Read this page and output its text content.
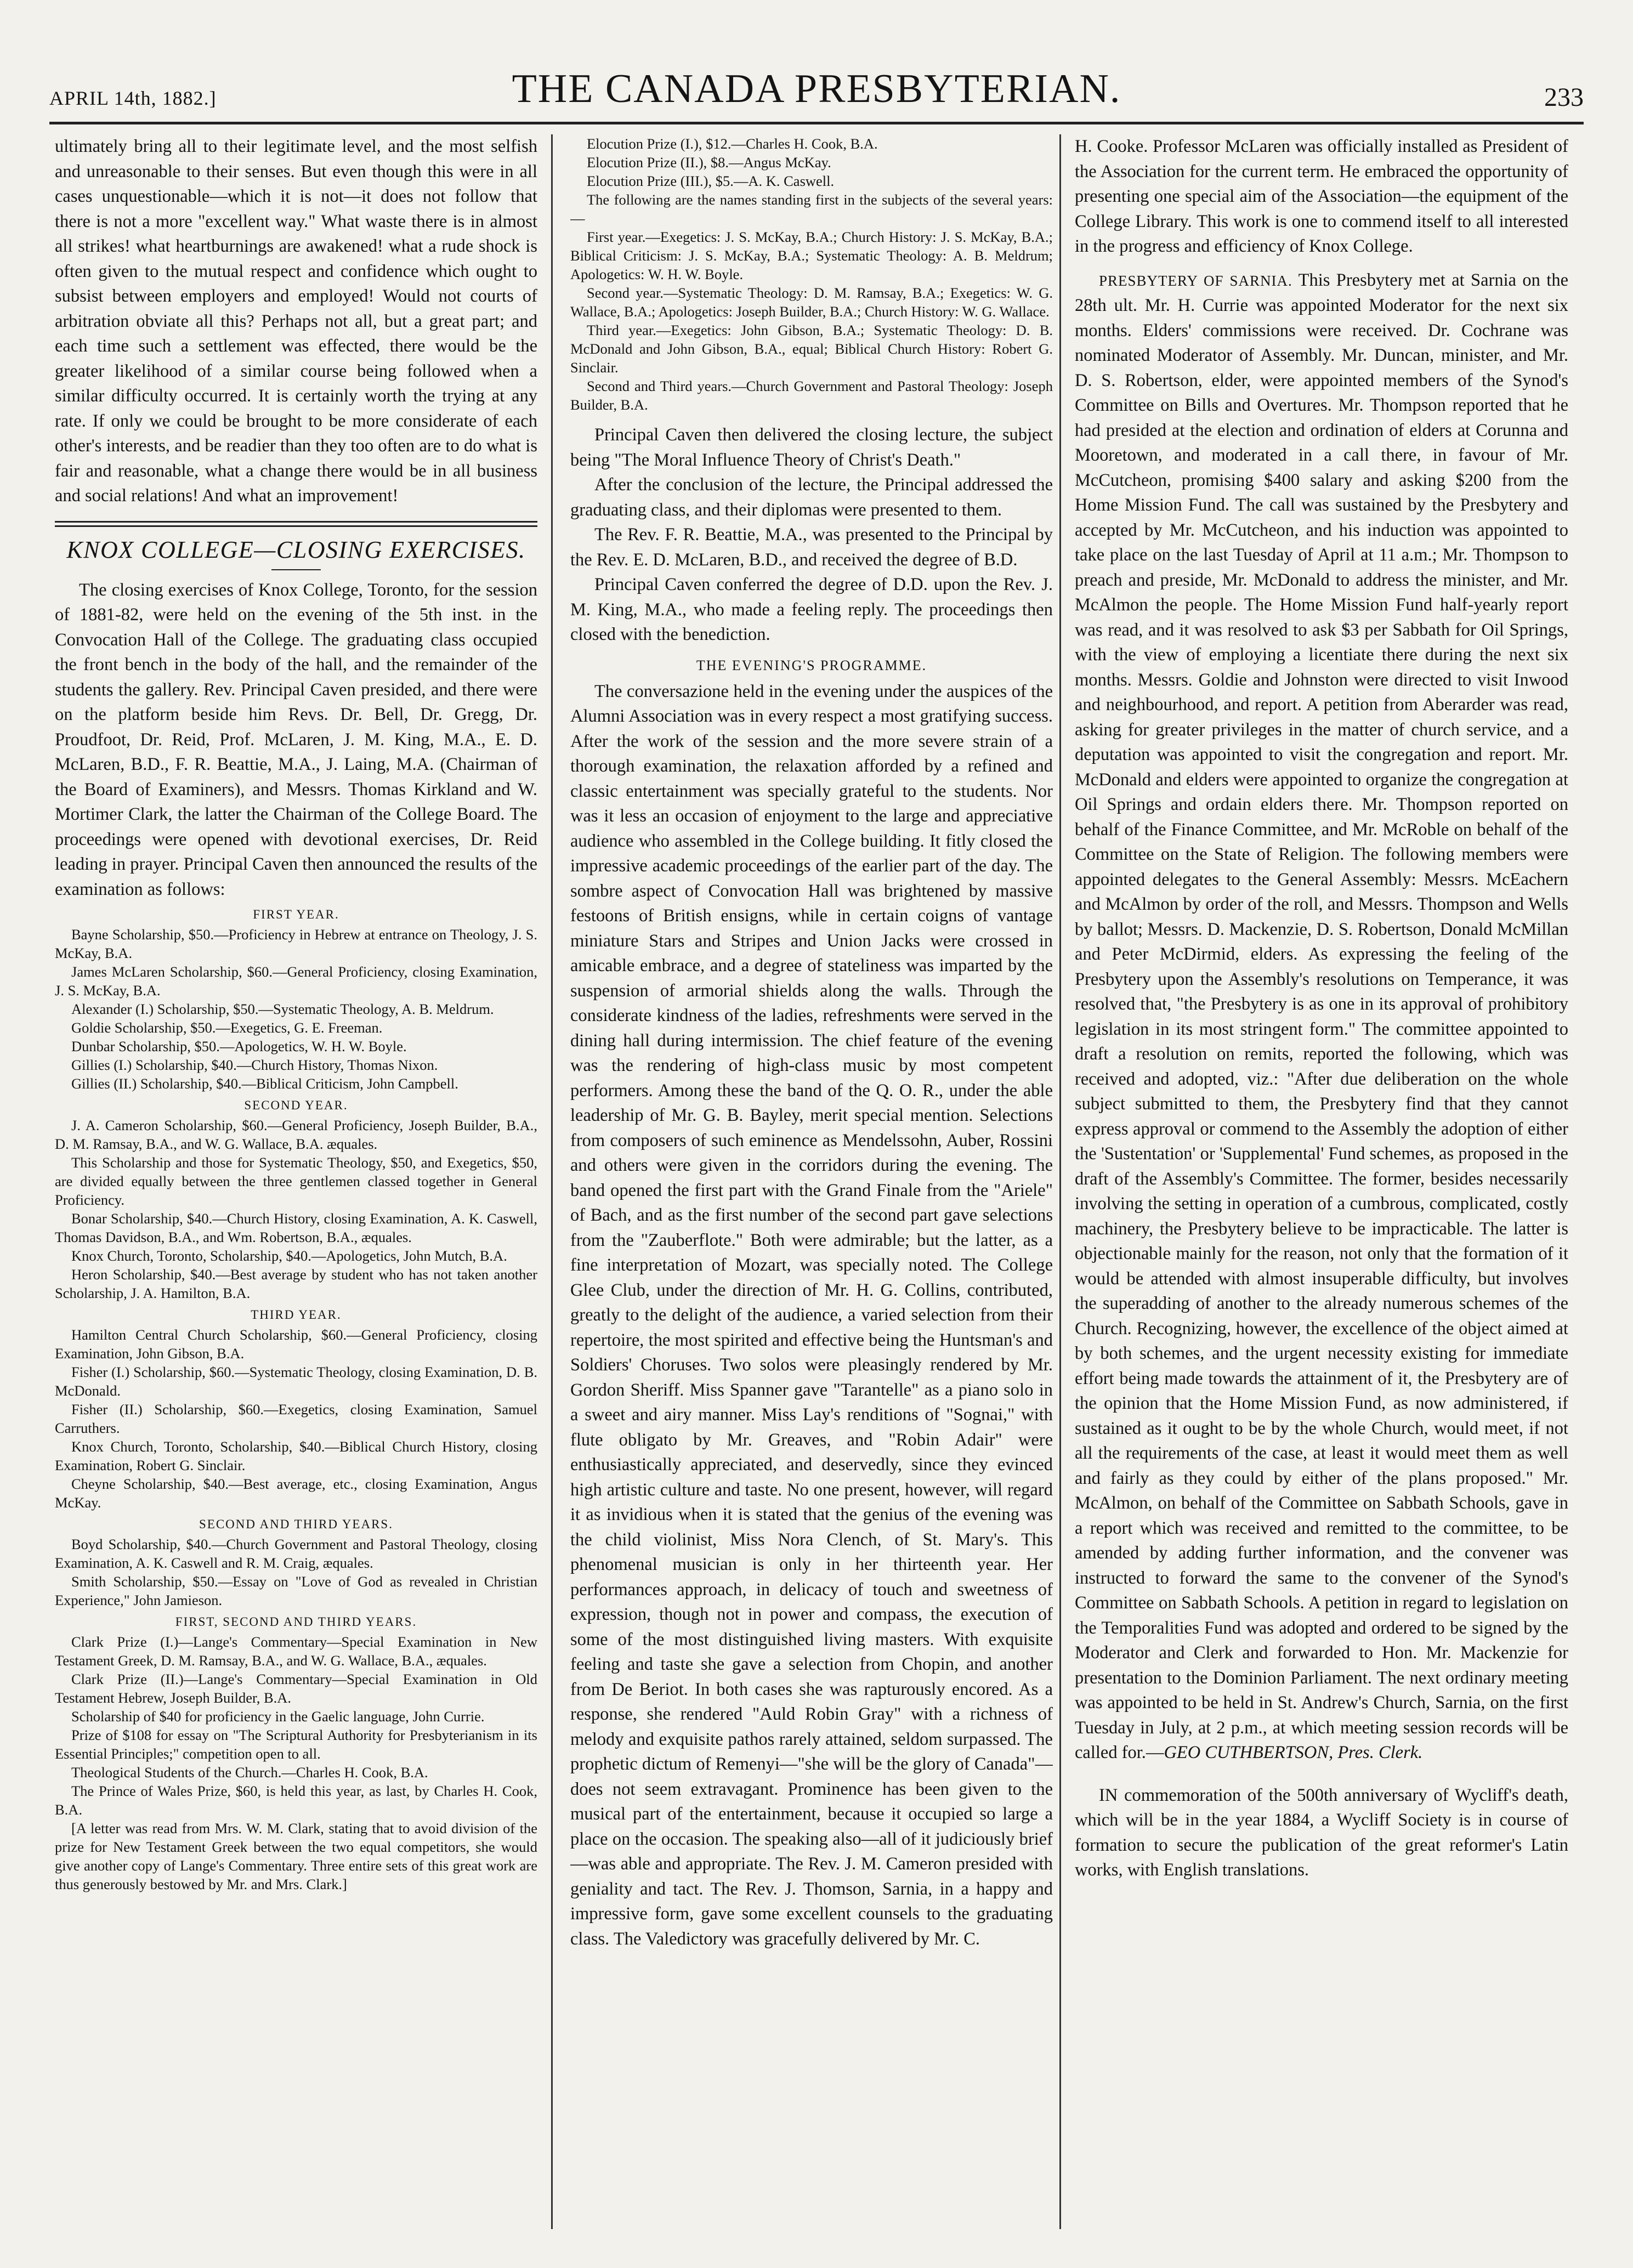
APRIL 14th, 1882.]	THE CANADA PRESBYTERIAN.	233

ultimately bring all to their legitimate level, and the most selfish and unreasonable to their senses. But even though this were in all cases unquestionable—which it is not—it does not follow that there is not a more "excellent way." What waste there is in almost all strikes! what heartburnings are awakened! what a rude shock is often given to the mutual respect and confidence which ought to subsist between employers and employed! Would not courts of arbitration obviate all this? Perhaps not all, but a great part; and each time such a settlement was effected, there would be the greater likelihood of a similar course being followed when a similar difficulty occurred. It is certainly worth the trying at any rate. If only we could be brought to be more considerate of each other's interests, and be readier than they too often are to do what is fair and reasonable, what a change there would be in all business and social relations! And what an improvement!

KNOX COLLEGE—CLOSING EXERCISES.

The closing exercises of Knox College, Toronto, for the session of 1881-82, were held on the evening of the 5th inst. in the Convocation Hall of the College. The graduating class occupied the front bench in the body of the hall, and the remainder of the students the gallery. Rev. Principal Caven presided, and there were on the platform beside him Revs. Dr. Bell, Dr. Gregg, Dr. Proudfoot, Dr. Reid, Prof. McLaren, J. M. King, M.A., E. D. McLaren, B.D., F. R. Beattie, M.A., J. Laing, M.A. (Chairman of the Board of Examiners), and Messrs. Thomas Kirkland and W. Mortimer Clark, the latter the Chairman of the College Board. The proceedings were opened with devotional exercises, Dr. Reid leading in prayer. Principal Caven then announced the results of the examination as follows:

FIRST YEAR.

Bayne Scholarship, $50.—Proficiency in Hebrew at entrance on Theology, J. S. McKay, B.A.

James McLaren Scholarship, $60.—General Proficiency, closing Examination, J. S. McKay, B.A.

Alexander (I.) Scholarship, $50.—Systematic Theology, A. B. Meldrum.

Goldie Scholarship, $50.—Exegetics, G. E. Freeman.

Dunbar Scholarship, $50.—Apologetics, W. H. W. Boyle.

Gillies (I.) Scholarship, $40.—Church History, Thomas Nixon.

Gillies (II.) Scholarship, $40.—Biblical Criticism, John Campbell.

SECOND YEAR.

J. A. Cameron Scholarship, $60.—General Proficiency, Joseph Builder, B.A., D. M. Ramsay, B.A., and W. G. Wallace, B.A. æquales.

This Scholarship and those for Systematic Theology, $50, and Exegetics, $50, are divided equally between the three gentlemen classed together in General Proficiency.

Bonar Scholarship, $40.—Church History, closing Examination, A. K. Caswell, Thomas Davidson, B.A., and Wm. Robertson, B.A., æquales.

Knox Church, Toronto, Scholarship, $40.—Apologetics, John Mutch, B.A.

Heron Scholarship, $40.—Best average by student who has not taken another Scholarship, J. A. Hamilton, B.A.

THIRD YEAR.

Hamilton Central Church Scholarship, $60.—General Proficiency, closing Examination, John Gibson, B.A.

Fisher (I.) Scholarship, $60.—Systematic Theology, closing Examination, D. B. McDonald.

Fisher (II.) Scholarship, $60.—Exegetics, closing Examination, Samuel Carruthers.

Knox Church, Toronto, Scholarship, $40.—Biblical Church History, closing Examination, Robert G. Sinclair.

Cheyne Scholarship, $40.—Best average, etc., closing Examination, Angus McKay.

SECOND AND THIRD YEARS.

Boyd Scholarship, $40.—Church Government and Pastoral Theology, closing Examination, A. K. Caswell and R. M. Craig, æquales.

Smith Scholarship, $50.—Essay on "Love of God as revealed in Christian Experience," John Jamieson.

FIRST, SECOND AND THIRD YEARS.

Clark Prize (I.)—Lange's Commentary—Special Examination in New Testament Greek, D. M. Ramsay, B.A., and W. G. Wallace, B.A., æquales.

Clark Prize (II.)—Lange's Commentary—Special Examination in Old Testament Hebrew, Joseph Builder, B.A.

Scholarship of $40 for proficiency in the Gaelic language, John Currie.

Prize of $108 for essay on "The Scriptural Authority for Presbyterianism in its Essential Principles;" competition open to all.

Theological Students of the Church.—Charles H. Cook, B.A.

The Prince of Wales Prize, $60, is held this year, as last, by Charles H. Cook, B.A.

[A letter was read from Mrs. W. M. Clark, stating that to avoid division of the prize for New Testament Greek between the two equal competitors, she would give another copy of Lange's Commentary. Three entire sets of this great work are thus generously bestowed by Mr. and Mrs. Clark.]

Elocution Prize (I.), $12.—Charles H. Cook, B.A.

Elocution Prize (II.), $8.—Angus McKay.

Elocution Prize (III.), $5.—A. K. Caswell.

The following are the names standing first in the subjects of the several years:—

First year.—Exegetics: J. S. McKay, B.A.; Church History: J. S. McKay, B.A.; Biblical Criticism: J. S. McKay, B.A.; Systematic Theology: A. B. Meldrum; Apologetics: W. H. W. Boyle.

Second year.—Systematic Theology: D. M. Ramsay, B.A.; Exegetics: W. G. Wallace, B.A.; Apologetics: Joseph Builder, B.A.; Church History: W. G. Wallace.

Third year.—Exegetics: John Gibson, B.A.; Systematic Theology: D. B. McDonald and John Gibson, B.A., equal; Biblical Church History: Robert G. Sinclair.

Second and Third years.—Church Government and Pastoral Theology: Joseph Builder, B.A.

Principal Caven then delivered the closing lecture, the subject being "The Moral Influence Theory of Christ's Death."

After the conclusion of the lecture, the Principal addressed the graduating class, and their diplomas were presented to them.

The Rev. F. R. Beattie, M.A., was presented to the Principal by the Rev. E. D. McLaren, B.D., and received the degree of B.D.

Principal Caven conferred the degree of D.D. upon the Rev. J. M. King, M.A., who made a feeling reply. The proceedings then closed with the benediction.

THE EVENING'S PROGRAMME.

The conversazione held in the evening under the auspices of the Alumni Association was in every respect a most gratifying success. After the work of the session and the more severe strain of a thorough examination, the relaxation afforded by a refined and classic entertainment was specially grateful to the students. Nor was it less an occasion of enjoyment to the large and appreciative audience who assembled in the College building. It fitly closed the impressive academic proceedings of the earlier part of the day. The sombre aspect of Convocation Hall was brightened by massive festoons of British ensigns, while in certain coigns of vantage miniature Stars and Stripes and Union Jacks were crossed in amicable embrace, and a degree of stateliness was imparted by the suspension of armorial shields along the walls. Through the considerate kindness of the ladies, refreshments were served in the dining hall during intermission. The chief feature of the evening was the rendering of high-class music by most competent performers. Among these the band of the Q. O. R., under the able leadership of Mr. G. B. Bayley, merit special mention. Selections from composers of such eminence as Mendelssohn, Auber, Rossini and others were given in the corridors during the evening. The band opened the first part with the Grand Finale from the "Ariele" of Bach, and as the first number of the second part gave selections from the "Zauberflote." Both were admirable; but the latter, as a fine interpretation of Mozart, was specially noted. The College Glee Club, under the direction of Mr. H. G. Collins, contributed, greatly to the delight of the audience, a varied selection from their repertoire, the most spirited and effective being the Huntsman's and Soldiers' Choruses. Two solos were pleasingly rendered by Mr. Gordon Sheriff. Miss Spanner gave "Tarantelle" as a piano solo in a sweet and airy manner. Miss Lay's renditions of "Sognai," with flute obligato by Mr. Greaves, and "Robin Adair" were enthusiastically appreciated, and deservedly, since they evinced high artistic culture and taste. No one present, however, will regard it as invidious when it is stated that the genius of the evening was the child violinist, Miss Nora Clench, of St. Mary's. This phenomenal musician is only in her thirteenth year. Her performances approach, in delicacy of touch and sweetness of expression, though not in power and compass, the execution of some of the most distinguished living masters. With exquisite feeling and taste she gave a selection from Chopin, and another from De Beriot. In both cases she was rapturously encored. As a response, she rendered "Auld Robin Gray" with a richness of melody and exquisite pathos rarely attained, seldom surpassed. The prophetic dictum of Remenyi—"she will be the glory of Canada"—does not seem extravagant. Prominence has been given to the musical part of the entertainment, because it occupied so large a place on the occasion. The speaking also—all of it judiciously brief—was able and appropriate. The Rev. J. M. Cameron presided with geniality and tact. The Rev. J. Thomson, Sarnia, in a happy and impressive form, gave some excellent counsels to the graduating class. The Valedictory was gracefully delivered by Mr. C.

H. Cooke. Professor McLaren was officially installed as President of the Association for the current term. He embraced the opportunity of presenting one special aim of the Association—the equipment of the College Library. This work is one to commend itself to all interested in the progress and efficiency of Knox College.

PRESBYTERY OF SARNIA. This Presbytery met at Sarnia on the 28th ult. Mr. H. Currie was appointed Moderator for the next six months. Elders' commissions were received. Dr. Cochrane was nominated Moderator of Assembly. Mr. Duncan, minister, and Mr. D. S. Robertson, elder, were appointed members of the Synod's Committee on Bills and Overtures. Mr. Thompson reported that he had presided at the election and ordination of elders at Corunna and Mooretown, and moderated in a call there, in favour of Mr. McCutcheon, promising $400 salary and asking $200 from the Home Mission Fund. The call was sustained by the Presbytery and accepted by Mr. McCutcheon, and his induction was appointed to take place on the last Tuesday of April at 11 a.m.; Mr. Thompson to preach and preside, Mr. McDonald to address the minister, and Mr. McAlmon the people. The Home Mission Fund half-yearly report was read, and it was resolved to ask $3 per Sabbath for Oil Springs, with the view of employing a licentiate there during the next six months. Messrs. Goldie and Johnston were directed to visit Inwood and neighbourhood, and report. A petition from Aberarder was read, asking for greater privileges in the matter of church service, and a deputation was appointed to visit the congregation and report. Mr. McDonald and elders were appointed to organize the congregation at Oil Springs and ordain elders there. Mr. Thompson reported on behalf of the Finance Committee, and Mr. McRoble on behalf of the Committee on the State of Religion. The following members were appointed delegates to the General Assembly: Messrs. McEachern and McAlmon by order of the roll, and Messrs. Thompson and Wells by ballot; Messrs. D. Mackenzie, D. S. Robertson, Donald McMillan and Peter McDirmid, elders. As expressing the feeling of the Presbytery upon the Assembly's resolutions on Temperance, it was resolved that, "the Presbytery is as one in its approval of prohibitory legislation in its most stringent form." The committee appointed to draft a resolution on remits, reported the following, which was received and adopted, viz.: "After due deliberation on the whole subject submitted to them, the Presbytery find that they cannot express approval or commend to the Assembly the adoption of either the 'Sustentation' or 'Supplemental' Fund schemes, as proposed in the draft of the Assembly's Committee. The former, besides necessarily involving the setting in operation of a cumbrous, complicated, costly machinery, the Presbytery believe to be impracticable. The latter is objectionable mainly for the reason, not only that the formation of it would be attended with almost insuperable difficulty, but involves the superadding of another to the already numerous schemes of the Church. Recognizing, however, the excellence of the object aimed at by both schemes, and the urgent necessity existing for immediate effort being made towards the attainment of it, the Presbytery are of the opinion that the Home Mission Fund, as now administered, if sustained as it ought to be by the whole Church, would meet, if not all the requirements of the case, at least it would meet them as well and fairly as they could by either of the plans proposed." Mr. McAlmon, on behalf of the Committee on Sabbath Schools, gave in a report which was received and remitted to the committee, to be amended by adding further information, and the convener was instructed to forward the same to the convener of the Synod's Committee on Sabbath Schools. A petition in regard to legislation on the Temporalities Fund was adopted and ordered to be signed by the Moderator and Clerk and forwarded to Hon. Mr. Mackenzie for presentation to the Dominion Parliament. The next ordinary meeting was appointed to be held in St. Andrew's Church, Sarnia, on the first Tuesday in July, at 2 p.m., at which meeting session records will be called for.—GEO CUTHBERTSON, Pres. Clerk.

IN commemoration of the 500th anniversary of Wycliff's death, which will be in the year 1884, a Wycliff Society is in course of formation to secure the publication of the great reformer's Latin works, with English translations.
